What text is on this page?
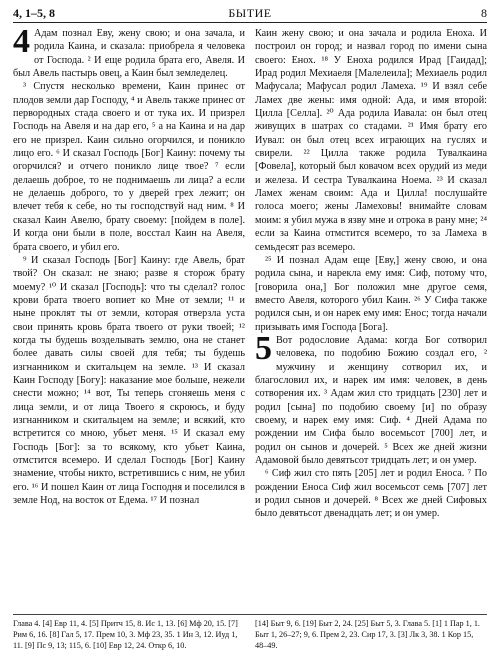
4, 1–5, 8	БЫТИЕ	8

4 Адам познал Еву, жену свою; и она зачала, и родила Каина, и сказала: приобрела я человека от Господа. ² И еще родила брата его, Авеля. И был Авель пастырь овец, а Каин был земледелец.

³ Спустя несколько времени, Каин принес от плодов земли дар Господу, ⁴ и Авель также принес от первородных стада своего и от тука их. И призрел Господь на Авеля и на дар его, ⁵ а на Каина и на дар его не призрел. Каин сильно огорчился, и поникло лицо его. ⁶ И сказал Господь [Бог] Каину: почему ты огорчился? и отчего поникло лице твое? ⁷ если делаешь доброе, то не поднимаешь ли лица? а если не делаешь доброго, то у дверей грех лежит; он влечет тебя к себе, но ты господствуй над ним. ⁸ И сказал Каин Авелю, брату своему: [пойдем в поле]. И когда они были в поле, восстал Каин на Авеля, брата своего, и убил его.

⁹ И сказал Господь [Бог] Каину: где Авель, брат твой? Он сказал: не знаю; разве я сторож брату моему? ¹⁰ И сказал [Господь]: что ты сделал? голос крови брата твоего вопиет ко Мне от земли; ¹¹ и ныне проклят ты от земли, которая отверзла уста свои принять кровь брата твоего от руки твоей; ¹² когда ты будешь возделывать землю, она не станет более давать силы своей для тебя; ты будешь изгнанником и скитальцем на земле. ¹³ И сказал Каин Господу [Богу]: наказание мое больше, нежели снести можно; ¹⁴ вот, Ты теперь сгоняешь меня с лица земли, и от лица Твоего я скроюсь, и буду изгнанником и скитальцем на земле; и всякий, кто встретится со мною, убьет меня. ¹⁵ И сказал ему Господь [Бог]: за то всякому, кто убьет Каина, отмстится всемеро. И сделал Господь [Бог] Каину знамение, чтобы никто, встретившись с ним, не убил его. ¹⁶ И пошел Каин от лица Господня и поселился в земле Нод, на восток от Едема. ¹⁷ И познал

Каин жену свою; и она зачала и родила Еноха. И построил он город; и назвал город по имени сына своего: Енох. ¹⁸ У Еноха родился Ирад [Гаидад]; Ирад родил Мехиаеля [Малелеила]; Мехиаель родил Мафусала; Мафусал родил Ламеха. ¹⁹ И взял себе Ламех две жены: имя одной: Ада, и имя второй: Цилла [Селла]. ²⁰ Ада родила Иавала: он был отец живущих в шатрах со стадами. ²¹ Имя брату его Иувал: он был отец всех играющих на гуслях и свирели. ²² Цилла также родила Тувалкаина [Фовела], который был ковачом всех орудий из меди и железа. И сестра Тувалкаина Ноема. ²³ И сказал Ламех женам своим: Ада и Цилла! послушайте голоса моего; жены Ламеховы! внимайте словам моим: я убил мужа в язву мне и отрока в рану мне; ²⁴ если за Каина отмстится всемеро, то за Ламеха в семьдесят раз всемеро.

²⁵ И познал Адам еще [Еву,] жену свою, и она родила сына, и нарекла ему имя: Сиф, потому что, [говорила она,] Бог положил мне другое семя, вместо Авеля, которого убил Каин. ²⁶ У Сифа также родился сын, и он нарек ему имя: Енос; тогда начали призывать имя Господа [Бога].

5 Вот родословие Адама: когда Бог сотворил человека, по подобию Божию создал его, ² мужчину и женщину сотворил их, и благословил их, и нарек им имя: человек, в день сотворения их. ³ Адам жил сто тридцать [230] лет и родил [сына] по подобию своему [и] по образу своему, и нарек ему имя: Сиф. ⁴ Дней Адама по рождении им Сифа было восемьсот [700] лет, и родил он сынов и дочерей. ⁵ Всех же дней жизни Адамовой было девятьсот тридцать лет; и он умер.

⁶ Сиф жил сто пять [205] лет и родил Еноса. ⁷ По рождении Еноса Сиф жил восемьсот семь [707] лет и родил сынов и дочерей. ⁸ Всех же дней Сифовых было девятьсот двенадцать лет; и он умер.

Глава 4. [4] Евр 11, 4. [5] Притч 15, 8. Ис 1, 13. [6] Мф 20, 15. [7] Рим 6, 16. [8] Гал 5, 17. Прем 10, 3. Мф 23, 35. 1 Ин 3, 12. Иуд 1, 11. [9] Пс 9, 13; 115, 6. [10] Евр 12, 24. Откр 6, 10.

[14] Быт 9, 6. [19] Быт 2, 24. [25] Быт 5, 3. Глава 5. [1] 1 Пар 1, 1. Быт 1, 26–27; 9, 6. Прем 2, 23. Сир 17, 3. [3] Лк 3, 38. 1 Кор 15, 48–49.
